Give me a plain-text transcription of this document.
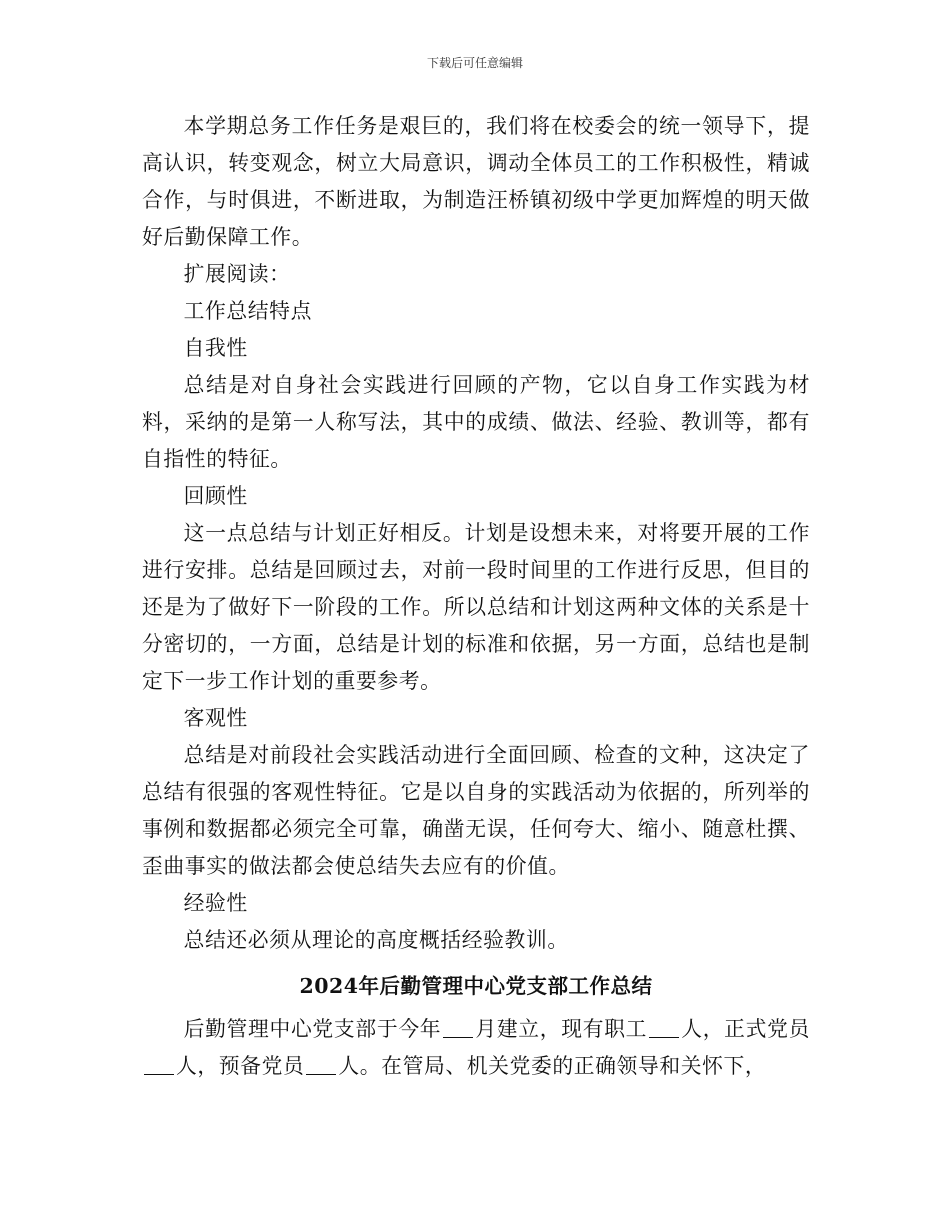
下载后可任意编辑

本学期总务工作任务是艰巨的，我们将在校委会的统一领导下，提高认识，转变观念，树立大局意识，调动全体员工的工作积极性，精诚合作，与时俱进，不断进取，为制造汪桥镇初级中学更加辉煌的明天做好后勤保障工作。

扩展阅读：

工作总结特点

自我性

总结是对自身社会实践进行回顾的产物，它以自身工作实践为材料，采纳的是第一人称写法，其中的成绩、做法、经验、教训等，都有自指性的特征。

回顾性

这一点总结与计划正好相反。计划是设想未来，对将要开展的工作进行安排。总结是回顾过去，对前一段时间里的工作进行反思，但目的还是为了做好下一阶段的工作。所以总结和计划这两种文体的关系是十分密切的，一方面，总结是计划的标准和依据，另一方面，总结也是制定下一步工作计划的重要参考。

客观性

总结是对前段社会实践活动进行全面回顾、检查的文种，这决定了总结有很强的客观性特征。它是以自身的实践活动为依据的，所列举的事例和数据都必须完全可靠，确凿无误，任何夸大、缩小、随意杜撰、歪曲事实的做法都会使总结失去应有的价值。

经验性

总结还必须从理论的高度概括经验教训。

2024年后勤管理中心党支部工作总结

后勤管理中心党支部于今年 月建立，现有职工 人，正式党员人，预备党员 人。在管局、机关党委的正确领导和关怀下，
